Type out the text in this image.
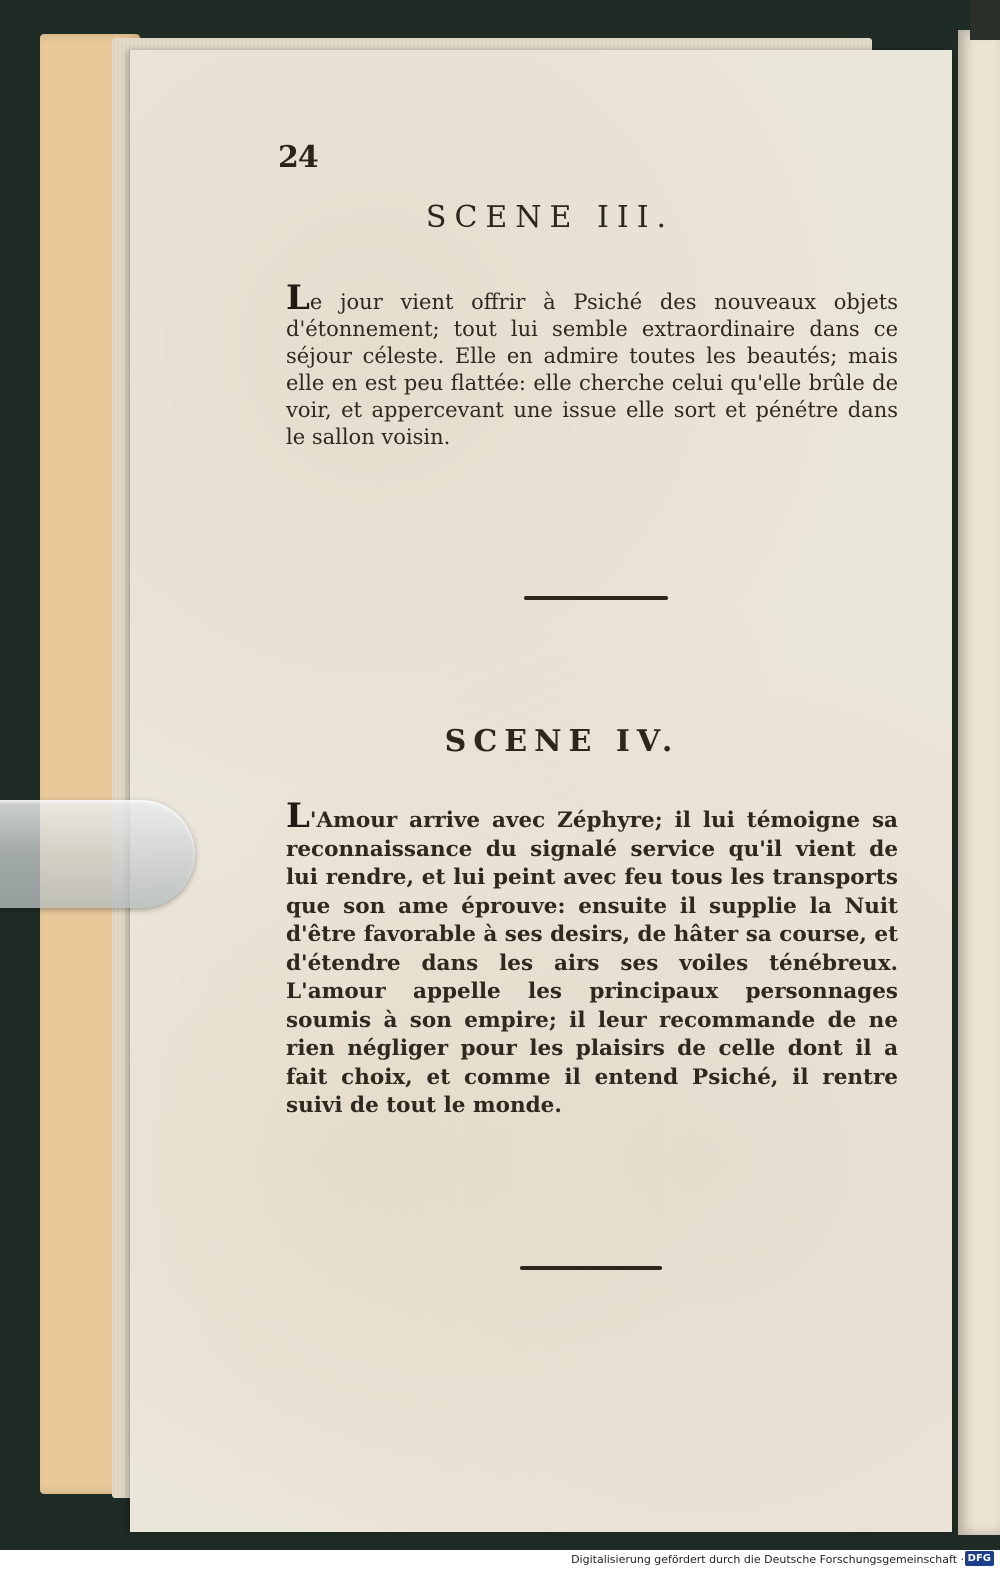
24
SCENE III.

Le jour vient offrir à Psiché des nouveaux objets d'étonnement; tout lui semble extraordinaire dans ce séjour céleste. Elle en admire toutes les beautés; mais elle en est peu flattée: elle cherche celui qu'elle brûle de voir, et appercevant une issue elle sort et pénétre dans le sallon voisin.

SCENE IV.

L'Amour arrive avec Zéphyre; il lui témoigne sa reconnaissance du signalé service qu'il vient de lui rendre, et lui peint avec feu tous les transports que son ame éprouve: ensuite il supplie la Nuit d'être favorable à ses desirs, de hâter sa course, et d'étendre dans les airs ses voiles ténébreux. L'amour appelle les principaux personnages soumis à son empire; il leur recommande de ne rien négliger pour les plaisirs de celle dont il a fait choix, et comme il entend Psiché, il rentre suivi de tout le monde.

Digitalisierung gefördert durch die Deutsche Forschungsgemeinschaft · DFG
